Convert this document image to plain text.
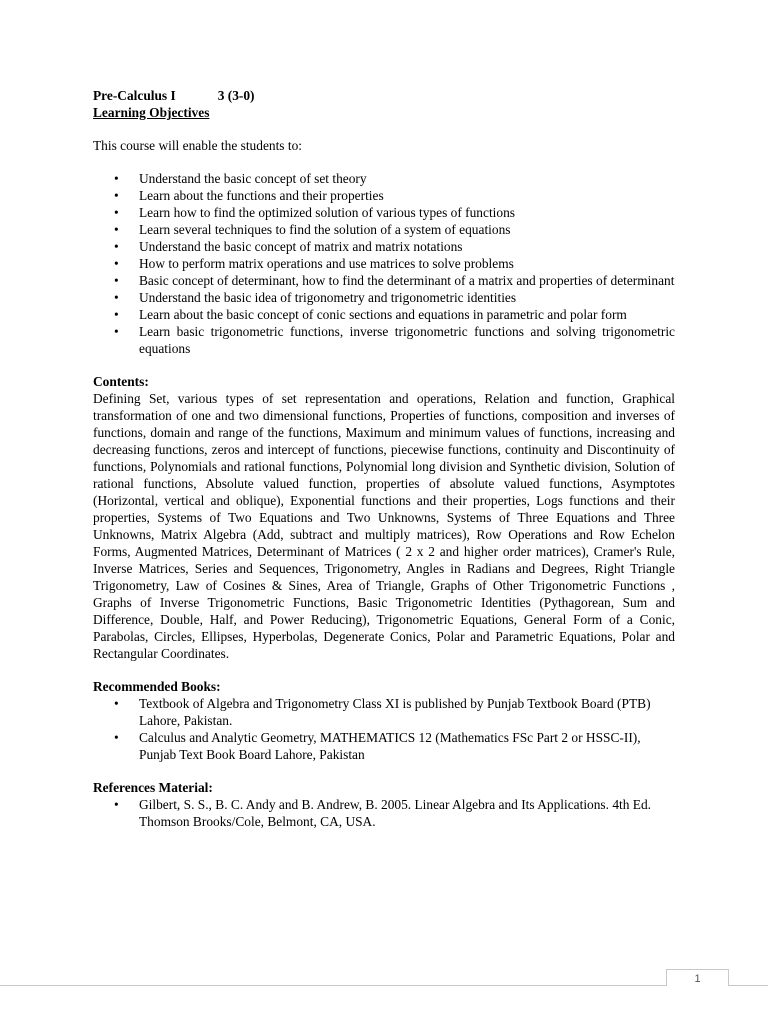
Pre-Calculus I	3 (3-0)
Learning Objectives
This course will enable the students to:
• Understand the basic concept of set theory
• Learn about the functions and their properties
• Learn how to find the optimized solution of various types of functions
• Learn several techniques to find the solution of a system of equations
• Understand the basic concept of matrix and matrix notations
• How to perform matrix operations and use matrices to solve problems
• Basic concept of determinant, how to find the determinant of a matrix and properties of determinant
• Understand the basic idea of trigonometry and trigonometric identities
• Learn about the basic concept of conic sections and equations in parametric and polar form
• Learn basic trigonometric functions, inverse trigonometric functions and solving trigonometric equations
Contents:
Defining Set, various types of set representation and operations, Relation and function, Graphical transformation of one and two dimensional functions, Properties of functions, composition and inverses of functions, domain and range of the functions, Maximum and minimum values of functions, increasing and decreasing functions, zeros and intercept of functions, piecewise functions, continuity and Discontinuity of functions, Polynomials and rational functions, Polynomial long division and Synthetic division, Solution of rational functions, Absolute valued function, properties of absolute valued functions, Asymptotes (Horizontal, vertical and oblique), Exponential functions and their properties, Logs functions and their properties, Systems of Two Equations and Two Unknowns, Systems of Three Equations and Three Unknowns, Matrix Algebra (Add, subtract and multiply matrices), Row Operations and Row Echelon Forms, Augmented Matrices, Determinant of Matrices ( 2 x 2 and higher order matrices), Cramer's Rule, Inverse Matrices, Series and Sequences, Trigonometry, Angles in Radians and Degrees, Right Triangle Trigonometry, Law of Cosines & Sines, Area of Triangle, Graphs of Other Trigonometric Functions , Graphs of Inverse Trigonometric Functions, Basic Trigonometric Identities (Pythagorean, Sum and Difference, Double, Half, and Power Reducing), Trigonometric Equations, General Form of a Conic, Parabolas, Circles, Ellipses, Hyperbolas, Degenerate Conics, Polar and Parametric Equations, Polar and Rectangular Coordinates.
Recommended Books:
• Textbook of Algebra and Trigonometry Class XI is published by Punjab Textbook Board (PTB) Lahore, Pakistan.
• Calculus and Analytic Geometry, MATHEMATICS 12 (Mathematics FSc Part 2 or HSSC-II), Punjab Text Book Board Lahore, Pakistan
References Material:
• Gilbert, S. S., B. C. Andy and B. Andrew, B. 2005. Linear Algebra and Its Applications. 4th Ed. Thomson Brooks/Cole, Belmont, CA, USA.
1
